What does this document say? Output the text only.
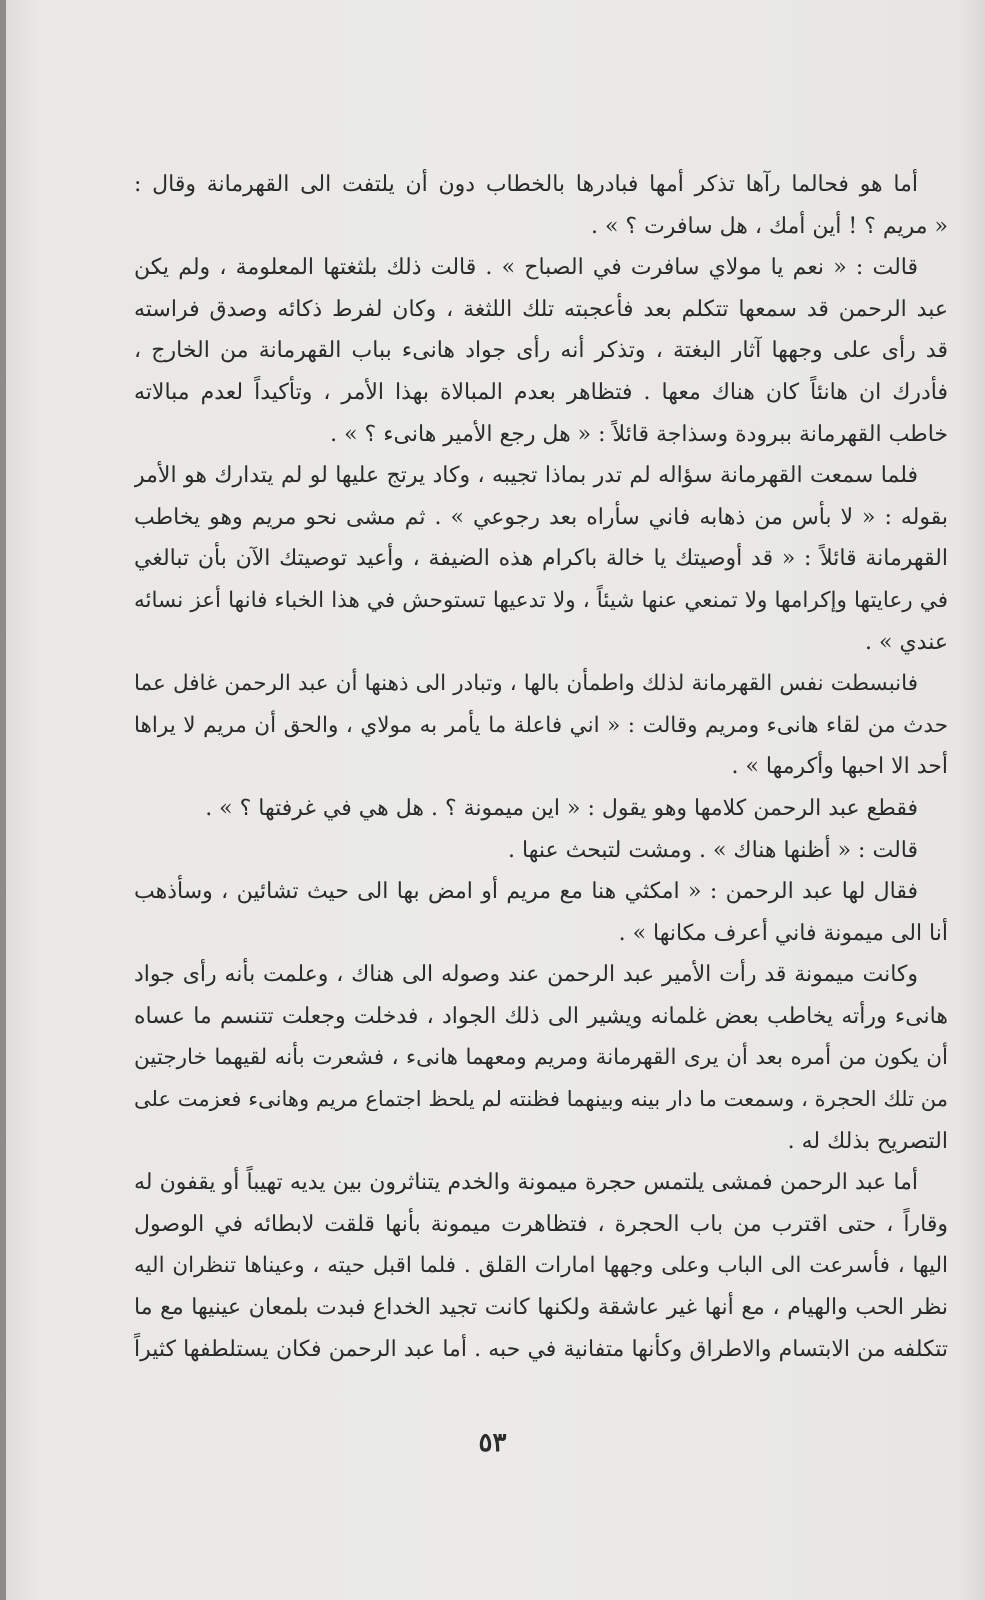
أما هو فحالما رآها تذكر أمها فبادرها بالخطاب دون أن يلتفت الى القهرمانة وقال :
« مريم ؟ ! أين أمك ، هل سافرت ؟ » .
قالت : « نعم يا مولاي سافرت في الصباح » . قالت ذلك بلثغتها المعلومة ، ولم يكن
عبد الرحمن قد سمعها تتكلم بعد فأعجبته تلك اللثغة ، وكان لفرط ذكائه وصدق فراسته
قد رأى على وجهها آثار البغتة ، وتذكر أنه رأى جواد هانىء بباب القهرمانة من الخارج ،
فأدرك ان هانئاً كان هناك معها . فتظاهر بعدم المبالاة بهذا الأمر ، وتأكيداً لعدم مبالاته
خاطب القهرمانة ببرودة وسذاجة قائلاً : « هل رجع الأمير هانىء ؟ » .
فلما سمعت القهرمانة سؤاله لم تدر بماذا تجيبه ، وكاد يرتج عليها لو لم يتدارك هو الأمر
بقوله : « لا بأس من ذهابه فاني سأراه بعد رجوعي » . ثم مشى نحو مريم وهو يخاطب
القهرمانة قائلاً : « قد أوصيتك يا خالة باكرام هذه الضيفة ، وأعيد توصيتك الآن بأن تبالغي
في رعايتها وإكرامها ولا تمنعي عنها شيئاً ، ولا تدعيها تستوحش في هذا الخباء فانها أعز نسائه
عندي » .
فانبسطت نفس القهرمانة لذلك واطمأن بالها ، وتبادر الى ذهنها أن عبد الرحمن غافل عما
حدث من لقاء هانىء ومريم وقالت : « اني فاعلة ما يأمر به مولاي ، والحق أن مريم لا يراها
أحد الا احبها وأكرمها » .
فقطع عبد الرحمن كلامها وهو يقول : « اين ميمونة ؟ . هل هي في غرفتها ؟ » .
قالت : « أظنها هناك » . ومشت لتبحث عنها .
فقال لها عبد الرحمن : « امكثي هنا مع مريم أو امض بها الى حيث تشائين ، وسأذهب
أنا الى ميمونة فاني أعرف مكانها » .
وكانت ميمونة قد رأت الأمير عبد الرحمن عند وصوله الى هناك ، وعلمت بأنه رأى جواد
هانىء ورأته يخاطب بعض غلمانه ويشير الى ذلك الجواد ، فدخلت وجعلت تتنسم ما عساه
أن يكون من أمره بعد أن يرى القهرمانة ومريم ومعهما هانىء ، فشعرت بأنه لقيهما خارجتين
من تلك الحجرة ، وسمعت ما دار بينه وبينهما فظنته لم يلحظ اجتماع مريم وهانىء فعزمت على
التصريح بذلك له .
أما عبد الرحمن فمشى يلتمس حجرة ميمونة والخدم يتناثرون بين يديه تهيباً أو يقفون له
وقاراً ، حتى اقترب من باب الحجرة ، فتظاهرت ميمونة بأنها قلقت لابطائه في الوصول
اليها ، فأسرعت الى الباب وعلى وجهها امارات القلق . فلما اقبل حيته ، وعيناها تنظران اليه
نظر الحب والهيام ، مع أنها غير عاشقة ولكنها كانت تجيد الخداع فبدت بلمعان عينيها مع ما
تتكلفه من الابتسام والاطراق وكأنها متفانية في حبه . أما عبد الرحمن فكان يستلطفها كثيراً
٥٣
